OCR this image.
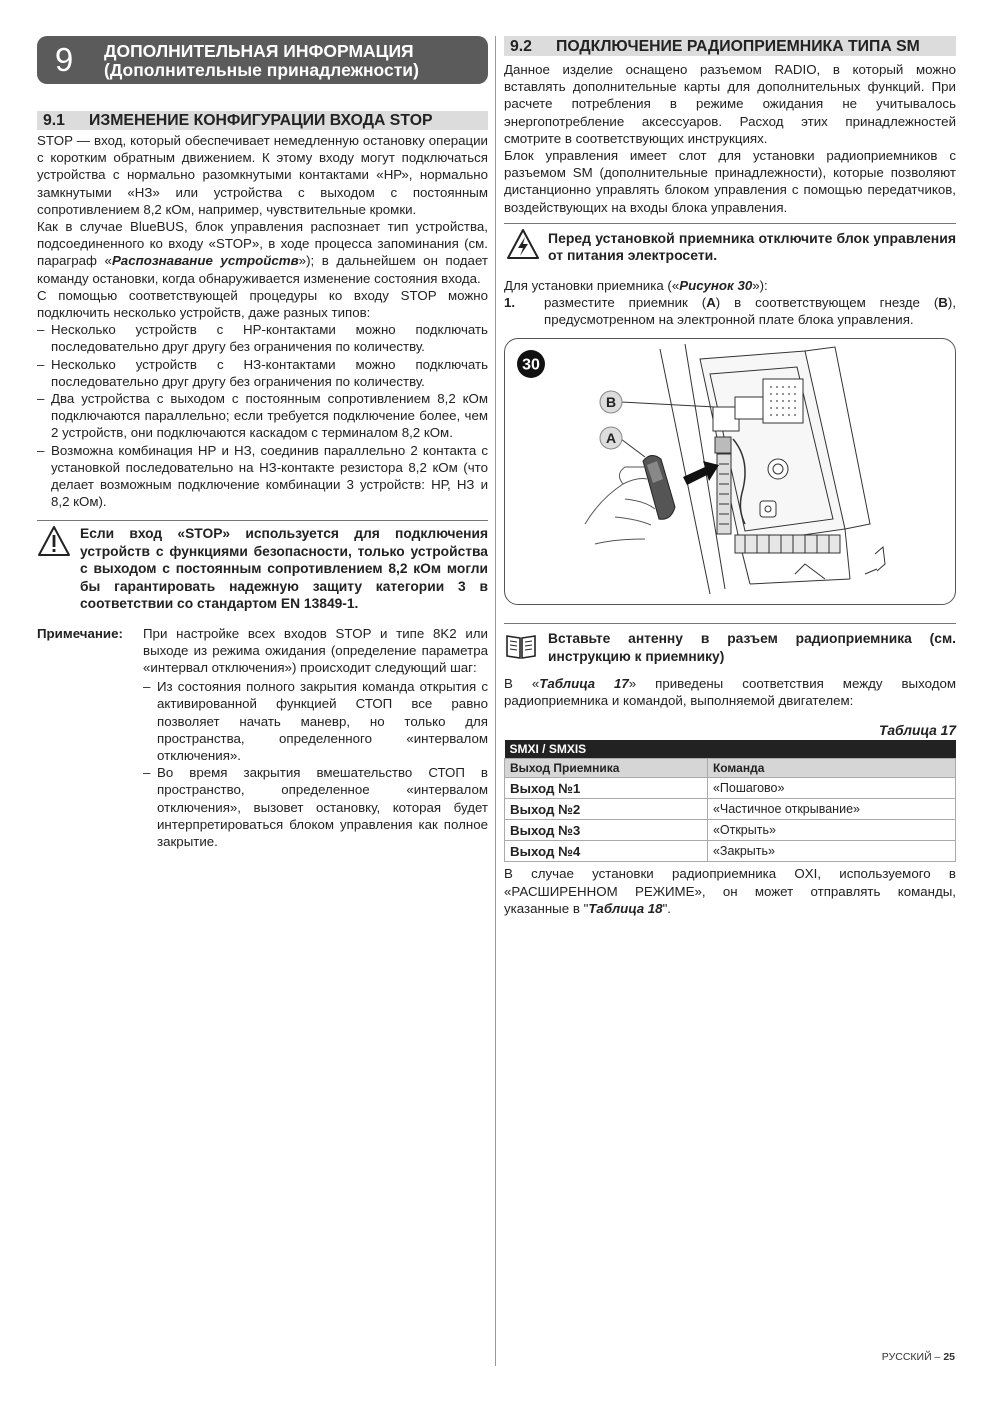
9	ДОПОЛНИТЕЛЬНАЯ ИНФОРМАЦИЯ
(Дополнительные принадлежности)
9.1 ИЗМЕНЕНИЕ КОНФИГУРАЦИИ ВХОДА STOP

STOP — вход, который обеспечивает немедленную остановку операции с коротким обратным движением. К этому входу могут подключаться устройства с нормально разомкнутыми контактами «НР», нормально замкнутыми «НЗ» или устройства с выходом с постоянным сопротивлением 8,2 кОм, например, чувствительные кромки.

Как в случае BlueBUS, блок управления распознает тип устройства, подсоединенного ко входу «STOP», в ходе процесса запоминания (см. параграф «Распознавание устройств»); в дальнейшем он подает команду остановки, когда обнаруживается изменение состояния входа.

С помощью соответствующей процедуры ко входу STOP можно подключить несколько устройств, даже разных типов:

– Несколько устройств с НР-контактами можно подключать последовательно друг другу без ограничения по количеству.
– Несколько устройств с НЗ-контактами можно подключать последовательно друг другу без ограничения по количеству.
– Два устройства с выходом с постоянным сопротивлением 8,2 кОм подключаются параллельно; если требуется подключение более, чем 2 устройств, они подключаются каскадом с терминалом 8,2 кОм.
– Возможна комбинация НР и НЗ, соединив параллельно 2 контакта с установкой последовательно на НЗ-контакте резистора 8,2 кОм (что делает возможным подключение комбинации 3 устройств: НР, НЗ и 8,2 кОм).
Если вход «STOP» используется для подключения устройств с функциями безопасности, только устройства с выходом с постоянным сопротивлением 8,2 кОм могли бы гарантировать надежную защиту категории 3 в соответствии со стандартом EN 13849-1.
Примечание:	При настройке всех входов STOP и типе 8K2 или выходе из режима ожидания (определение параметра «интервал отключения») происходит следующий шаг:

– Из состояния полного закрытия команда открытия с активированной функцией СТОП все равно позволяет начать маневр, но только для пространства, определенного «интервалом отключения».
– Во время закрытия вмешательство СТОП в пространство, определенное «интервалом отключения», вызовет остановку, которая будет интерпретироваться блоком управления как полное закрытие.
9.2	ПОДКЛЮЧЕНИЕ РАДИОПРИЕМНИКА ТИПА SM

Данное изделие оснащено разъемом RADIO, в который можно вставлять дополнительные карты для дополнительных функций. При расчете потребления в режиме ожидания не учитывалось энергопотребление аксессуаров. Расход этих принадлежностей смотрите в соответствующих инструкциях.

Блок управления имеет слот для установки радиоприемников с разъемом SM (дополнительные принадлежности), которые позволяют дистанционно управлять блоком управления с помощью передатчиков, воздействующих на входы блока управления.

Перед установкой приемника отключите блок управления от питания электросети.

Для установки приемника («Рисунок 30»):

1.	разместите приемник (A) в соответствующем гнезде (B), предусмотренном на электронной плате блока управления.

30
B
A
Вставьте антенну в разъем радиоприемника (см. инструкцию к приемнику)

В «Таблица 17» приведены соответствия между выходом радиоприемника и командой, выполняемой двигателем:

Таблица 17
SMXI / SMXIS	
Выход Приемника	Команда
Выход №1	«Пошагово»
Выход №2	«Частичное открывание»
Выход №3	«Открыть»
Выход №4	«Закрыть»

В случае установки радиоприемника OXI, используемого в «РАСШИРЕННОМ РЕЖИМЕ», он может отправлять команды, указанные в "Таблица 18".

РУССКИЙ – 25
